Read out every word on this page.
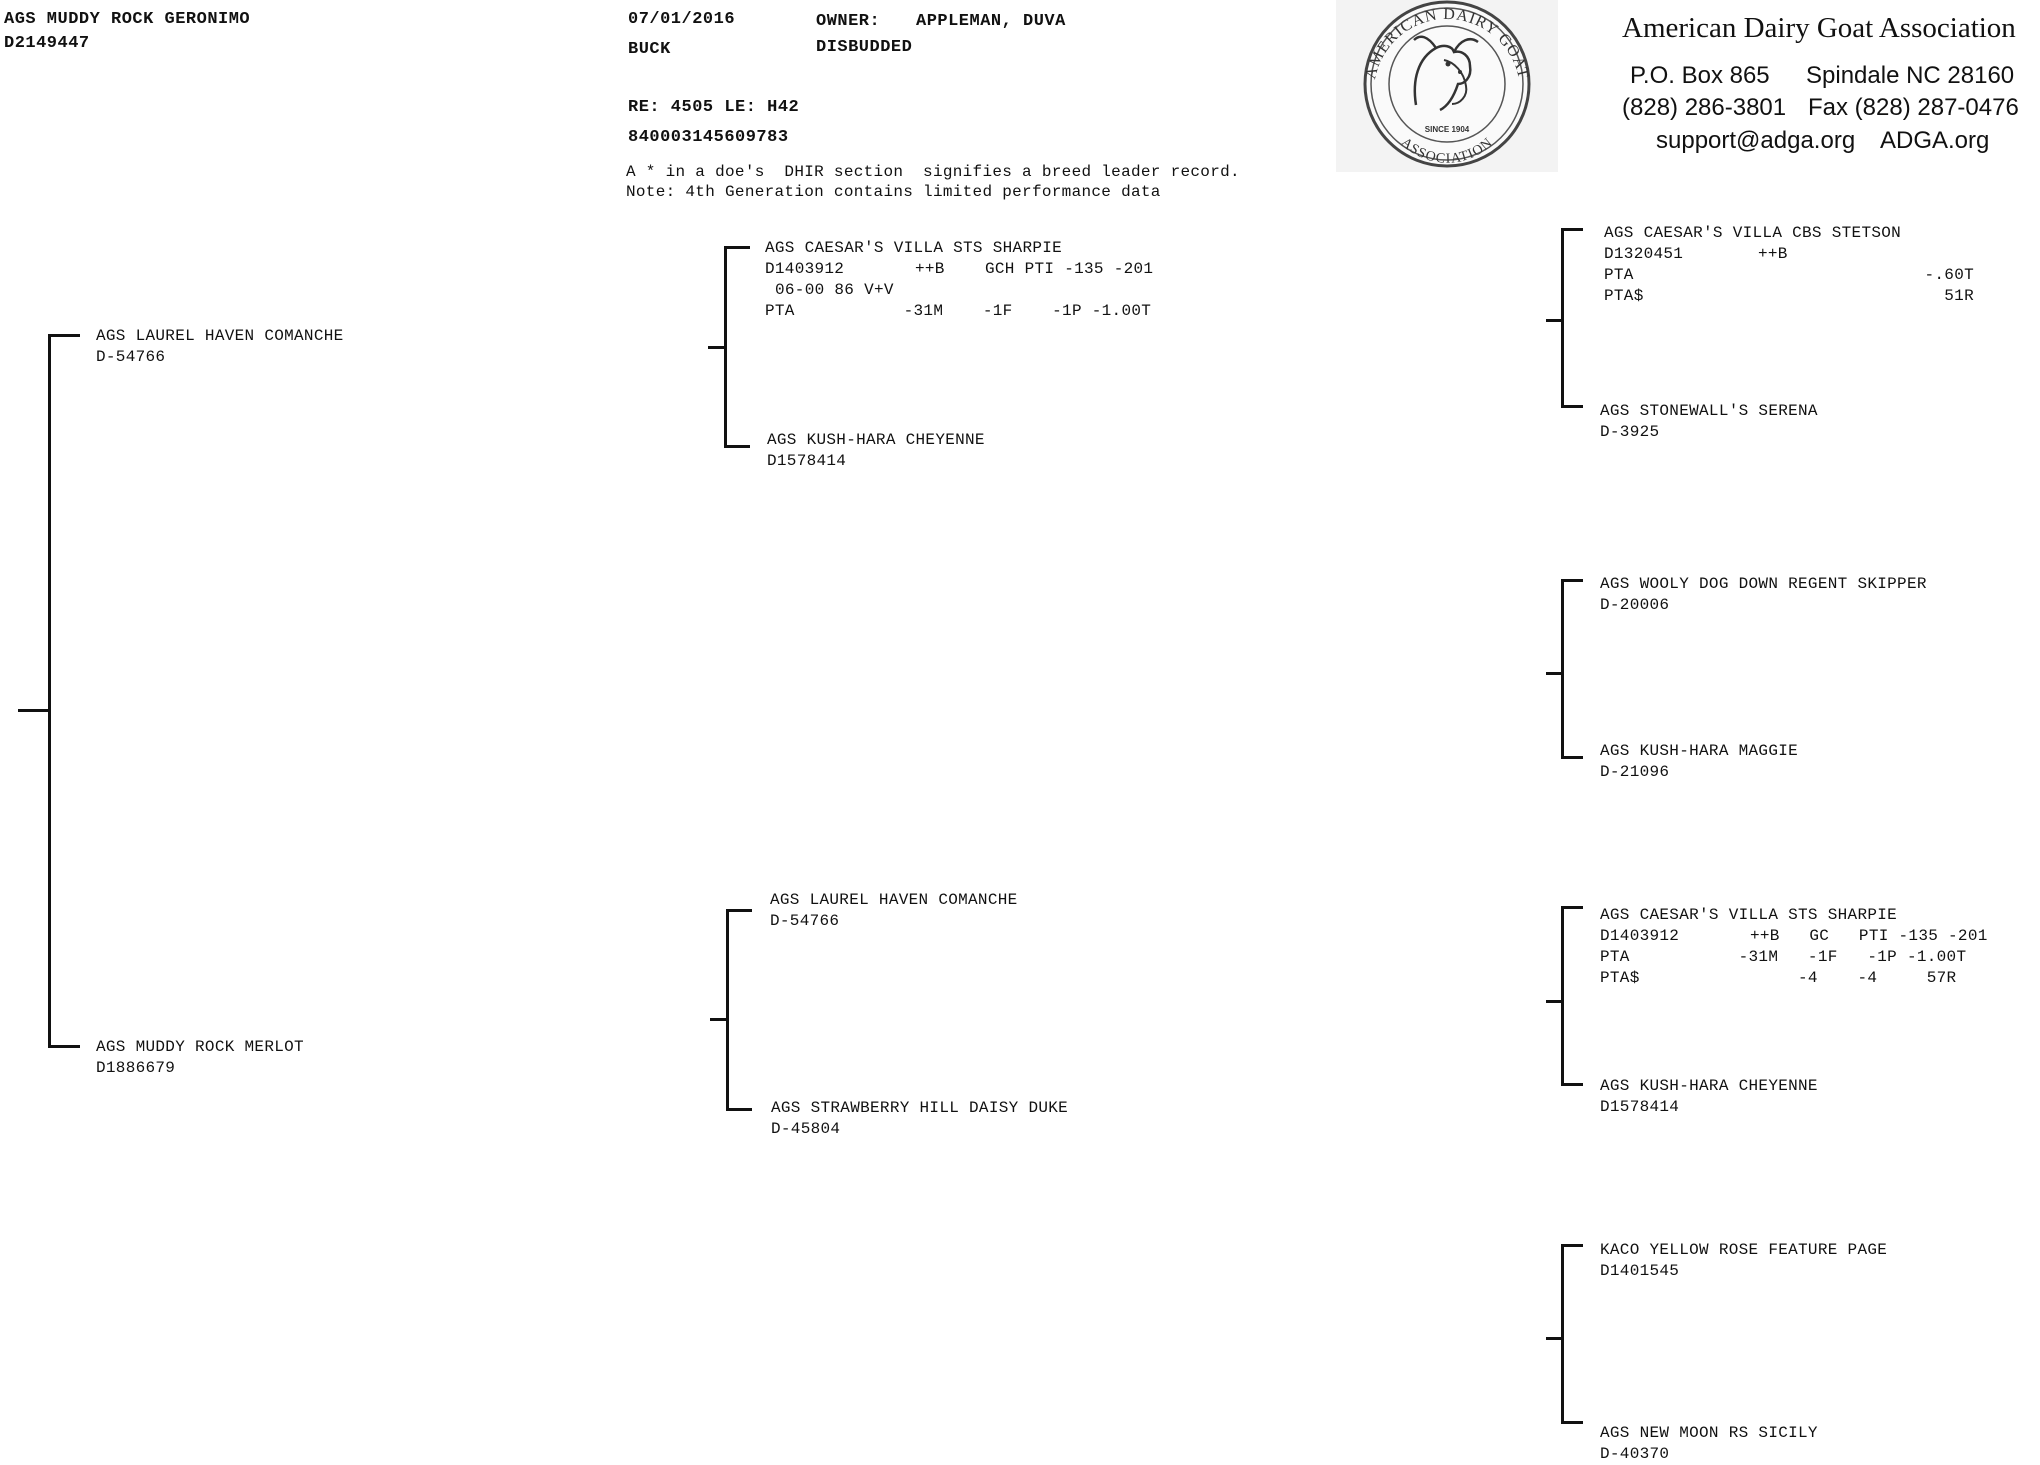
AGS MUDDY ROCK GERONIMO
D2149447
07/01/2016
BUCK
OWNER: APPLEMAN, DUVA
DISBUDDED
RE: 4505 LE: H42
840003145609783
A * in a doe's  DHIR section  signifies a breed leader record.
Note: 4th Generation contains limited performance data
AMERICAN DAIRY GOAT
ASSOCIATION
SINCE 1904
American Dairy Goat Association
P.O. Box 865 Spindale NC 28160
(828) 286-3801 Fax (828) 287-0476
support@adga.org ADGA.org
AGS LAUREL HAVEN COMANCHE
D-54766
AGS MUDDY ROCK MERLOT
D1886679
AGS CAESAR'S VILLA STS SHARPIE
D1403912	++B	GCH PTI -135 -201
06-00 86 V+V
PTA           -31M    -1F    -1P -1.00T
AGS KUSH-HARA CHEYENNE
D1578414
AGS LAUREL HAVEN COMANCHE
D-54766
AGS STRAWBERRY HILL DAISY DUKE
D-45804
AGS CAESAR'S VILLA CBS STETSON
D1320451	++B
PTA	-.60T
PTA$	51R
AGS STONEWALL'S SERENA
D-3925
AGS WOOLY DOG DOWN REGENT SKIPPER
D-20006
AGS KUSH-HARA MAGGIE
D-21096
AGS CAESAR'S VILLA STS SHARPIE
D1403912	++B   GC   PTI -135 -201
PTA           -31M   -1F   -1P -1.00T
PTA$                -4    -4     57R
AGS KUSH-HARA CHEYENNE
D1578414
KACO YELLOW ROSE FEATURE PAGE
D1401545
AGS NEW MOON RS SICILY
D-40370
